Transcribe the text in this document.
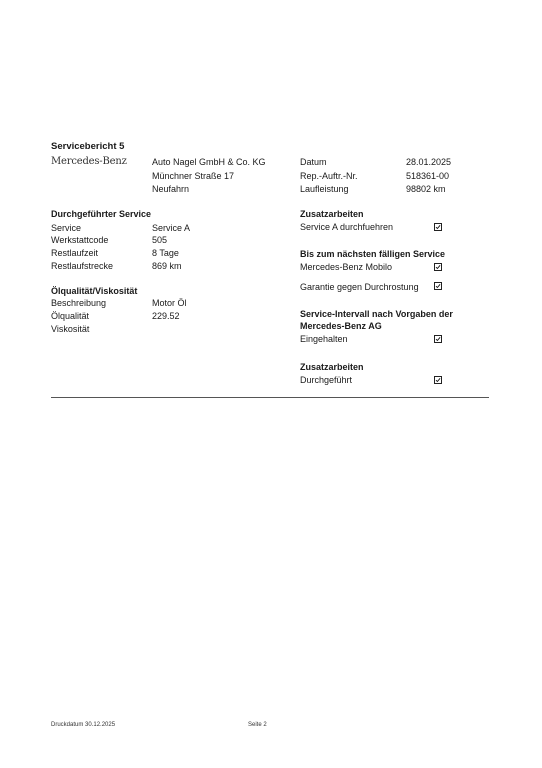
Servicebericht 5
Mercedes-Benz	Auto Nagel GmbH & Co. KG
Münchner Straße 17
Neufahrn
Datum	28.01.2025
Rep.-Auftr.-Nr.	518361-00
Laufleistung	98802 km
Durchgeführter Service
Service	Service A
Werkstattcode	505
Restlaufzeit	8 Tage
Restlaufstrecke	869 km
Ölqualität/Viskosität
Beschreibung	Motor Öl
Ölqualität	229.52
Viskosität
Zusatzarbeiten
Service A durchfuehren
Bis zum nächsten fälligen Service
Mercedes-Benz Mobilo
Garantie gegen Durchrostung
Service-Intervall nach Vorgaben der
Mercedes-Benz AG
Eingehalten
Zusatzarbeiten
Durchgeführt
Druckdatum 30.12.2025	Seite 2
